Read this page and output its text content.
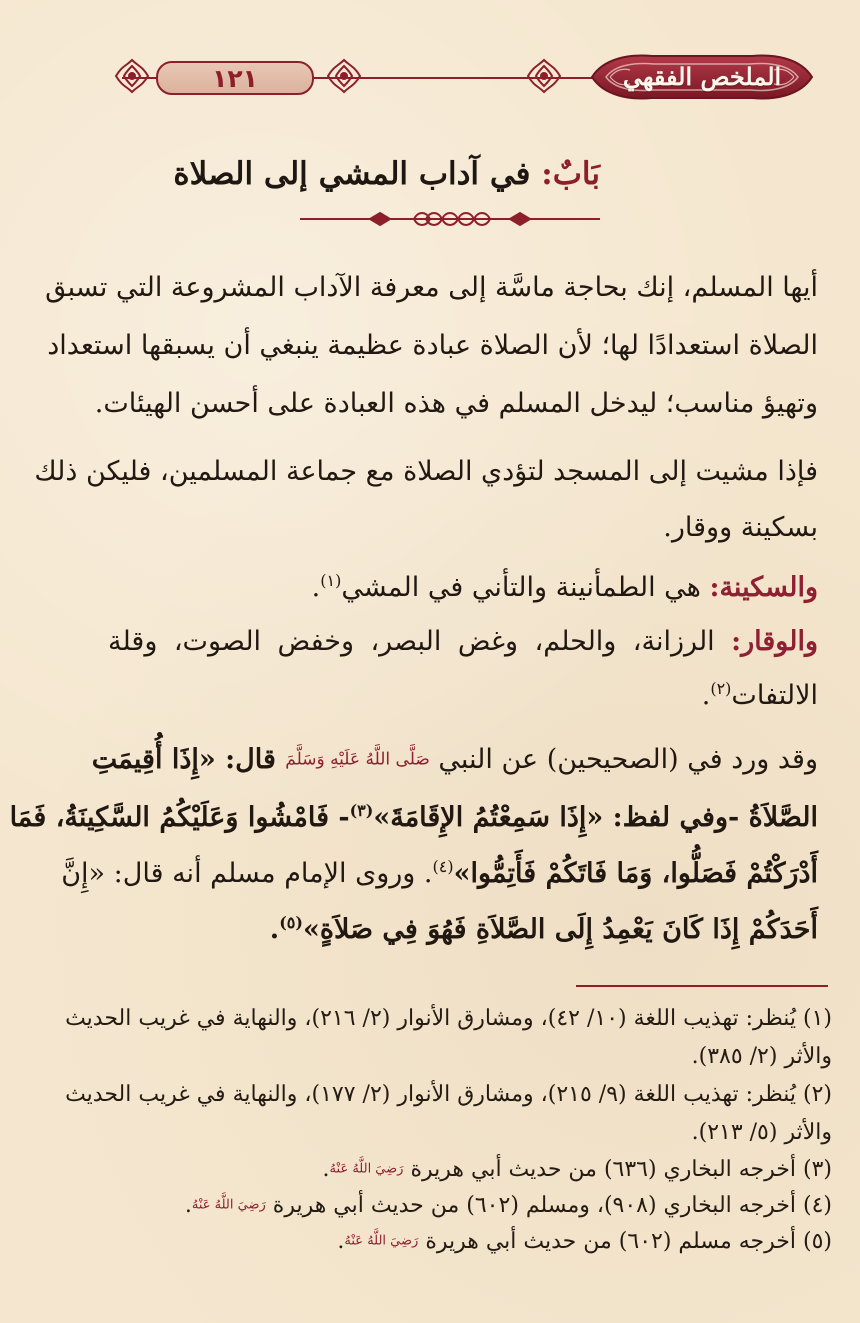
١٢١	الملخص الفقهي
بَابٌ: في آداب المشي إلى الصلاة
أيها المسلم، إنك بحاجة ماسَّة إلى معرفة الآداب المشروعة التي تسبق
الصلاة استعدادًا لها؛ لأن الصلاة عبادة عظيمة ينبغي أن يسبقها استعداد
وتهيؤ مناسب؛ ليدخل المسلم في هذه العبادة على أحسن الهيئات.
فإذا مشيت إلى المسجد لتؤدي الصلاة مع جماعة المسلمين، فليكن ذلك
بسكينة ووقار.
والسكينة: هي الطمأنينة والتأني في المشي$^{(١)}$.
والوقار: الرزانة، والحلم، وغض البصر، وخفض الصوت، وقلة
الالتفات$^{(٢)}$.
وقد ورد في (الصحيحين) عن النبي صَلَّى اللَّهُ عَلَيْهِ وَسَلَّمَ قال: «إِذَا أُقِيمَتِ
الصَّلاَةُ -وفي لفظ: «إِذَا سَمِعْتُمُ الإِقَامَةَ»$^{(٣)}$- فَامْشُوا وَعَلَيْكُمُ السَّكِينَةُ، فَمَا
أَدْرَكْتُمْ فَصَلُّوا، وَمَا فَاتَكُمْ فَأَتِمُّوا»$^{(٤)}$. وروى الإمام مسلم أنه قال: «إِنَّ
أَحَدَكُمْ إِذَا كَانَ يَعْمِدُ إِلَى الصَّلاَةِ فَهُوَ فِي صَلاَةٍ»$^{(٥)}$.
(١) يُنظر: تهذيب اللغة (١٠/ ٤٢)، ومشارق الأنوار (٢/ ٢١٦)، والنهاية في غريب الحديث
والأثر (٢/ ٣٨٥).
(٢) يُنظر: تهذيب اللغة (٩/ ٢١٥)، ومشارق الأنوار (٢/ ١٧٧)، والنهاية في غريب الحديث
والأثر (٥/ ٢١٣).
(٣) أخرجه البخاري (٦٣٦) من حديث أبي هريرة رَضِيَ اللَّهُ عَنْهُ.
(٤) أخرجه البخاري (٩٠٨)، ومسلم (٦٠٢) من حديث أبي هريرة رَضِيَ اللَّهُ عَنْهُ.
(٥) أخرجه مسلم (٦٠٢) من حديث أبي هريرة رَضِيَ اللَّهُ عَنْهُ.
